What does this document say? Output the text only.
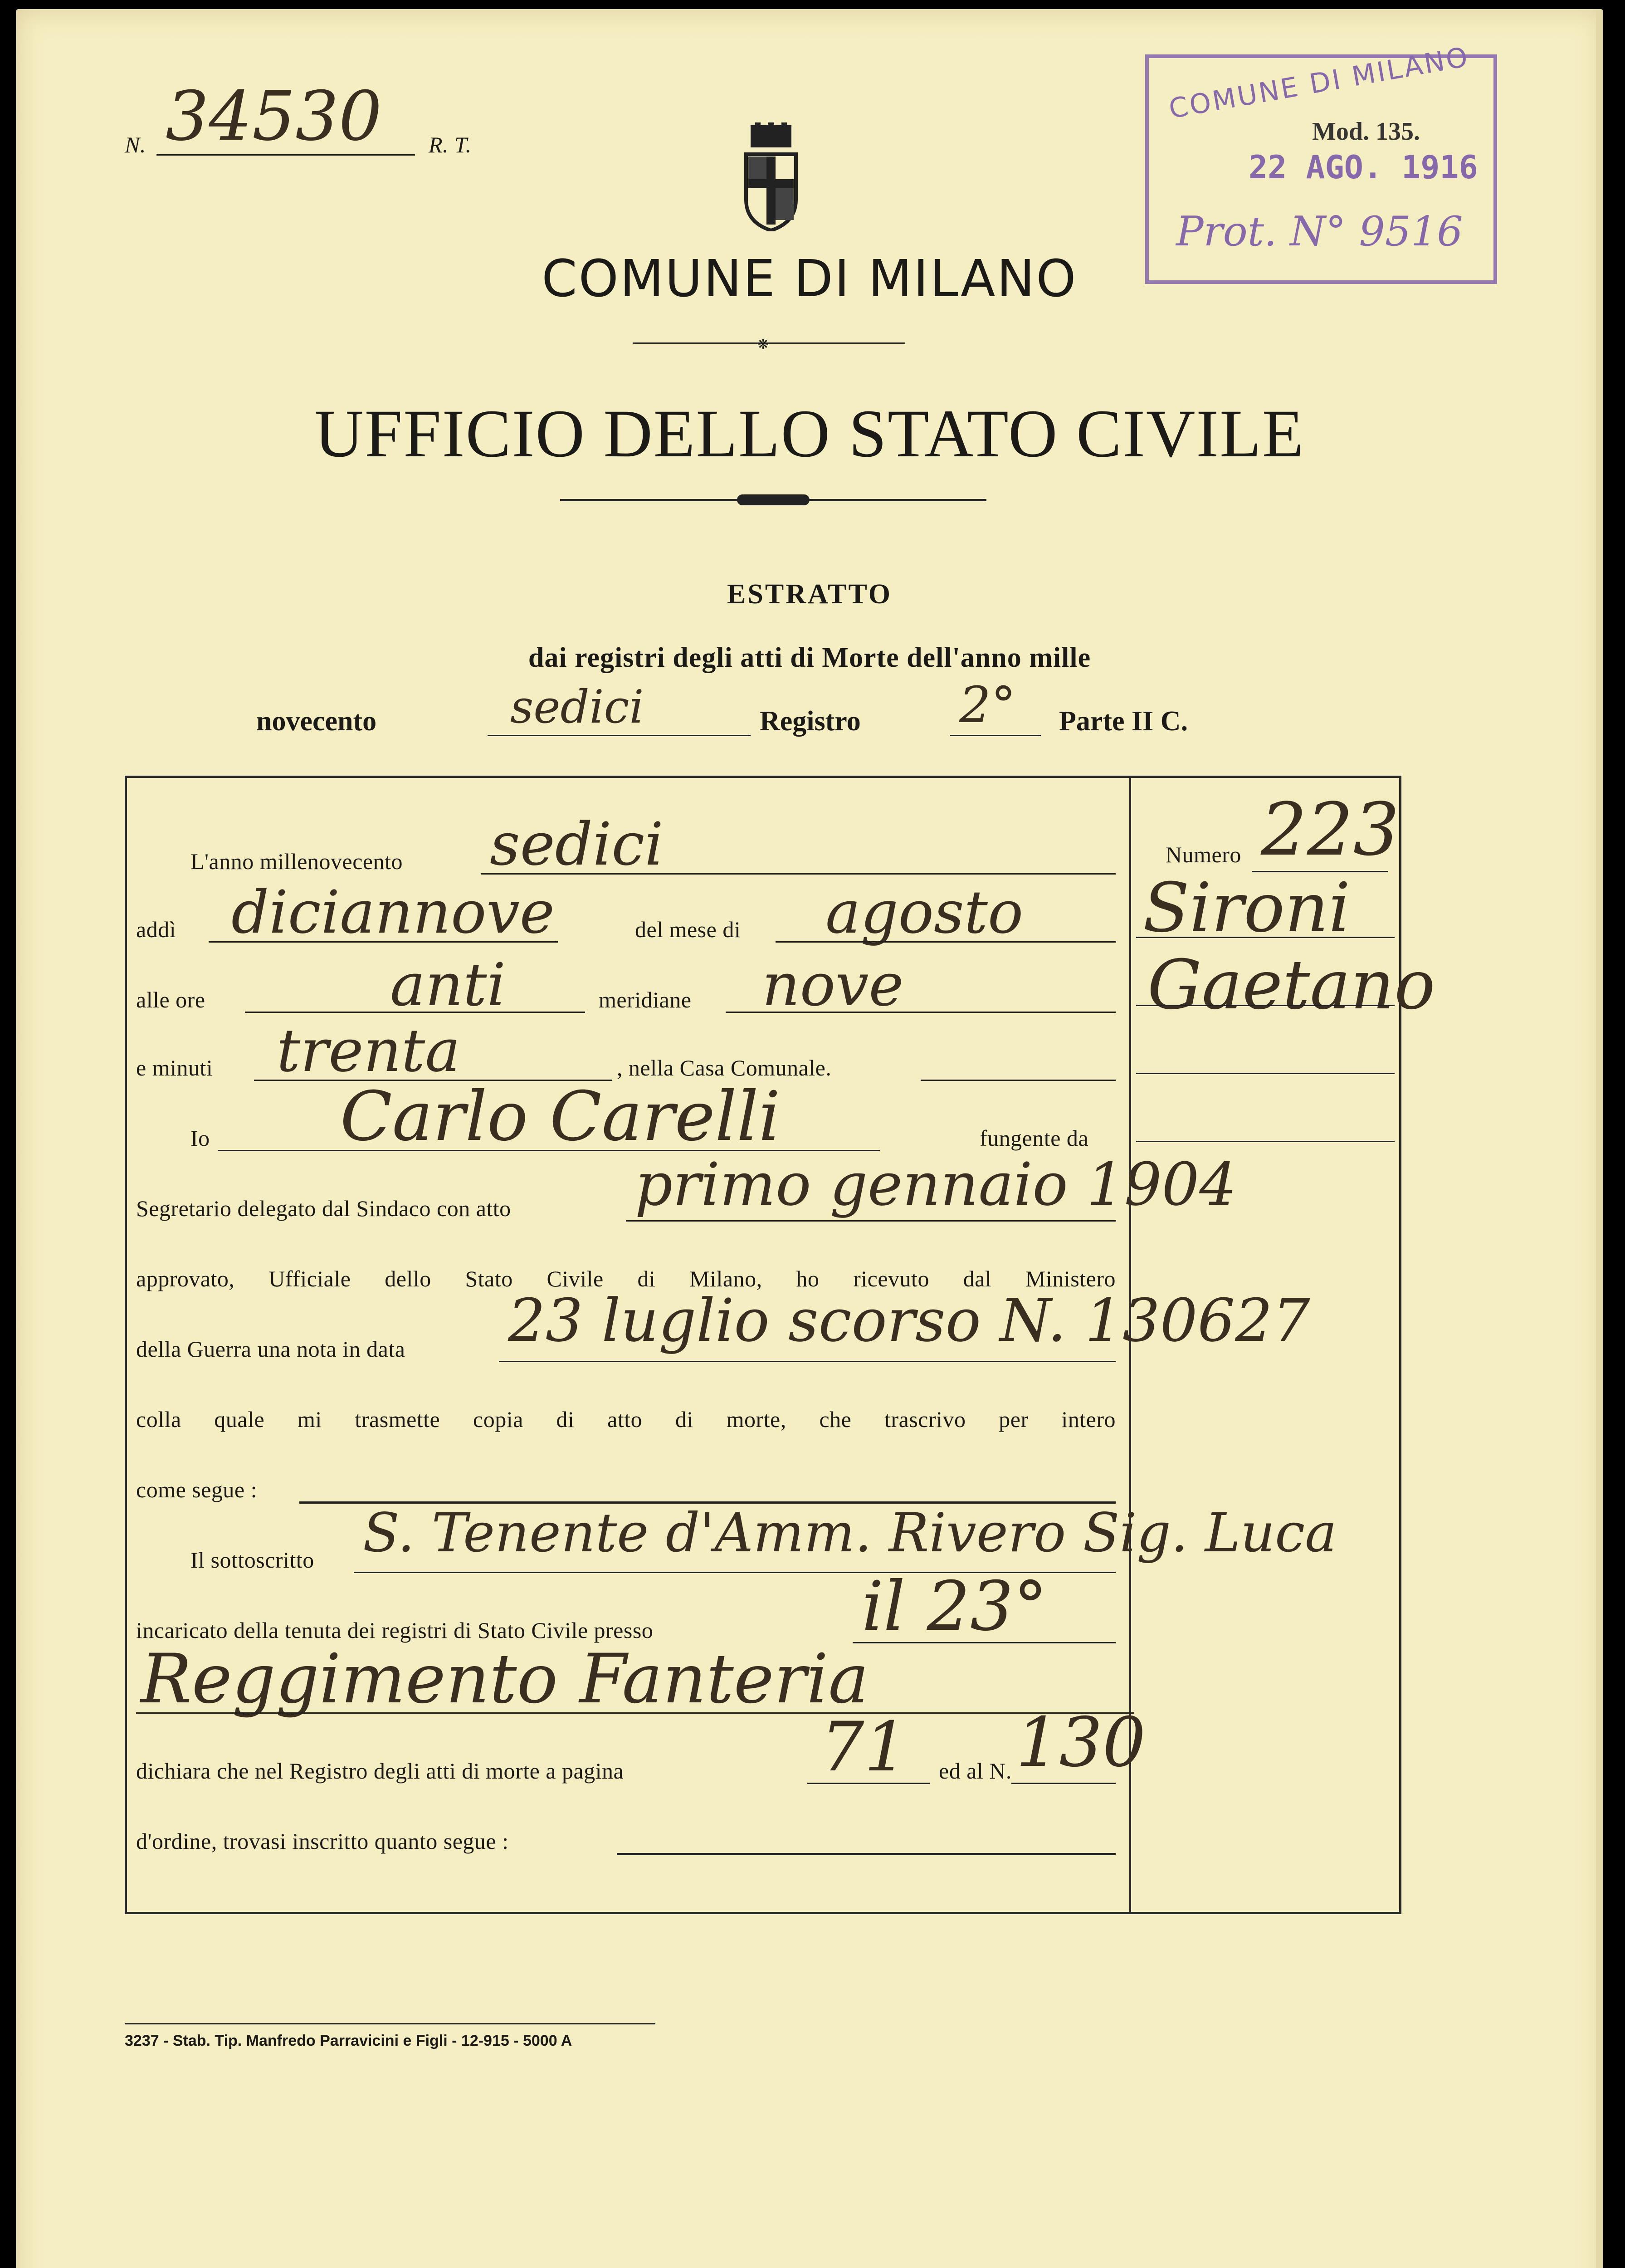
N. 34530 R. T.
COMUNE DI MILANO
❋
UFFICIO DELLO STATO CIVILE
ESTRATTO
dai registri degli atti di Morte dell'anno mille
novecento	sedici	Registro 2° Parte II C.
COMUNE DI MILANO
Mod. 135.
22 AGO. 1916
Prot. N° 9516
Numero 223
Sironi
Gaetano
L'anno millenovecento sedici
addì diciannove	del mese di agosto
alle ore	anti	meridiane nove
e minuti trenta	, nella Casa Comunale.
Io Carlo Carelli	fungente da
Segretario delegato dal Sindaco con atto primo gennaio 1904
approvato, Ufficiale dello Stato Civile di Milano, ho ricevuto dal Ministero
della Guerra una nota in data 23 luglio scorso N. 130627
colla quale mi trasmette copia di atto di morte, che trascrivo per intero
come segue :
Il sottoscritto S. Tenente d'Amm. Rivero Sig. Luca
incaricato della tenuta dei registri di Stato Civile presso	il 23°
Reggimento Fanteria
dichiara che nel Registro degli atti di morte a pagina	71 ed al N. 130
d'ordine, trovasi inscritto quanto segue :
3237 - Stab. Tip. Manfredo Parravicini e Figli - 12-915 - 5000 A
